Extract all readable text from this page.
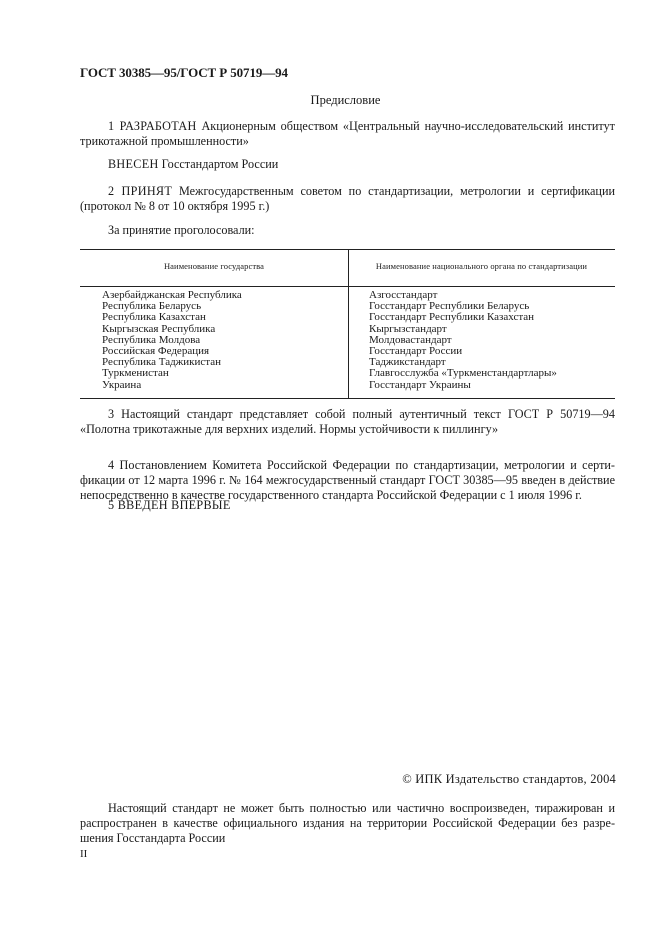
ГОСТ 30385—95/ГОСТ Р 50719—94
Предисловие
1 РАЗРАБОТАН Акционерным обществом «Центральный научно-исследовательский институт
трикотажной промышленности»
ВНЕСЕН Госстандартом России
2 ПРИНЯТ Межгосударственным советом по стандартизации, метрологии и сертификации
(протокол № 8 от 10 октября 1995 г.)
За принятие проголосовали:
Наименование государства	Наименование национального органа по стандартизации
Азербайджанская Республика
Республика Беларусь
Республика Казахстан
Кыргызская Республика
Республика Молдова
Российская Федерация
Республика Таджикистан
Туркменистан
Украина
Азгосстандарт
Госстандарт Республики Беларусь
Госстандарт Республики Казахстан
Кыргызстандарт
Молдовастандарт
Госстандарт России
Таджикстандарт
Главгосслужба «Туркменстандартлары»
Госстандарт Украины
3 Настоящий стандарт представляет собой полный аутентичный текст ГОСТ Р 50719—94
«Полотна трикотажные для верхних изделий. Нормы устойчивости к пиллингу»
4 Постановлением Комитета Российской Федерации по стандартизации, метрологии и серти-
фикации от 12 марта 1996 г. № 164 межгосударственный стандарт ГОСТ 30385—95 введен в действие
непосредственно в качестве государственного стандарта Российской Федерации с 1 июля 1996 г.
5 ВВЕДЕН ВПЕРВЫЕ
© ИПК Издательство стандартов, 2004
Настоящий стандарт не может быть полностью или частично воспроизведен, тиражирован и
распространен в качестве официального издания на территории Российской Федерации без разре-
шения Госстандарта России
II
